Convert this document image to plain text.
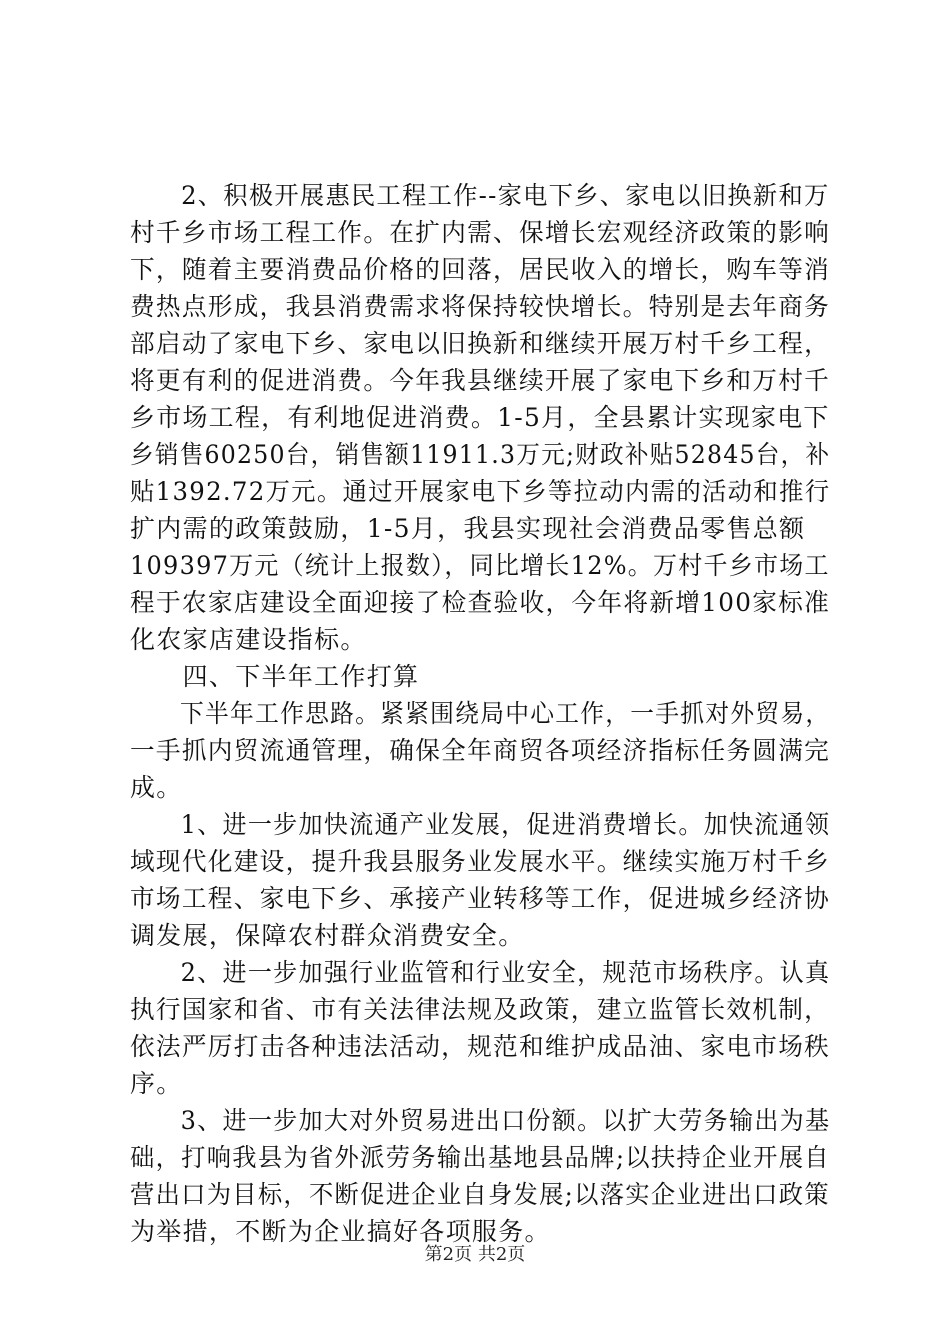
　　2、积极开展惠民工程工作--家电下乡、家电以旧换新和万
村千乡市场工程工作。在扩内需、保增长宏观经济政策的影响
下，随着主要消费品价格的回落，居民收入的增长，购车等消
费热点形成，我县消费需求将保持较快增长。特别是去年商务
部启动了家电下乡、家电以旧换新和继续开展万村千乡工程，
将更有利的促进消费。今年我县继续开展了家电下乡和万村千
乡市场工程，有利地促进消费。1-5月，全县累计实现家电下
乡销售60250台，销售额11911.3万元;财政补贴52845台，补
贴1392.72万元。通过开展家电下乡等拉动内需的活动和推行
扩内需的政策鼓励，1-5月，我县实现社会消费品零售总额
109397万元（统计上报数），同比增长12%。万村千乡市场工
程于农家店建设全面迎接了检查验收，今年将新增100家标准
化农家店建设指标。
　　四、下半年工作打算
　　下半年工作思路。紧紧围绕局中心工作，一手抓对外贸易，
一手抓内贸流通管理，确保全年商贸各项经济指标任务圆满完
成。
　　1、进一步加快流通产业发展，促进消费增长。加快流通领
域现代化建设，提升我县服务业发展水平。继续实施万村千乡
市场工程、家电下乡、承接产业转移等工作，促进城乡经济协
调发展，保障农村群众消费安全。
　　2、进一步加强行业监管和行业安全，规范市场秩序。认真
执行国家和省、市有关法律法规及政策，建立监管长效机制，
依法严厉打击各种违法活动，规范和维护成品油、家电市场秩
序。
　　3、进一步加大对外贸易进出口份额。以扩大劳务输出为基
础，打响我县为省外派劳务输出基地县品牌;以扶持企业开展自
营出口为目标，不断促进企业自身发展;以落实企业进出口政策
为举措，不断为企业搞好各项服务。
第2页 共2页
